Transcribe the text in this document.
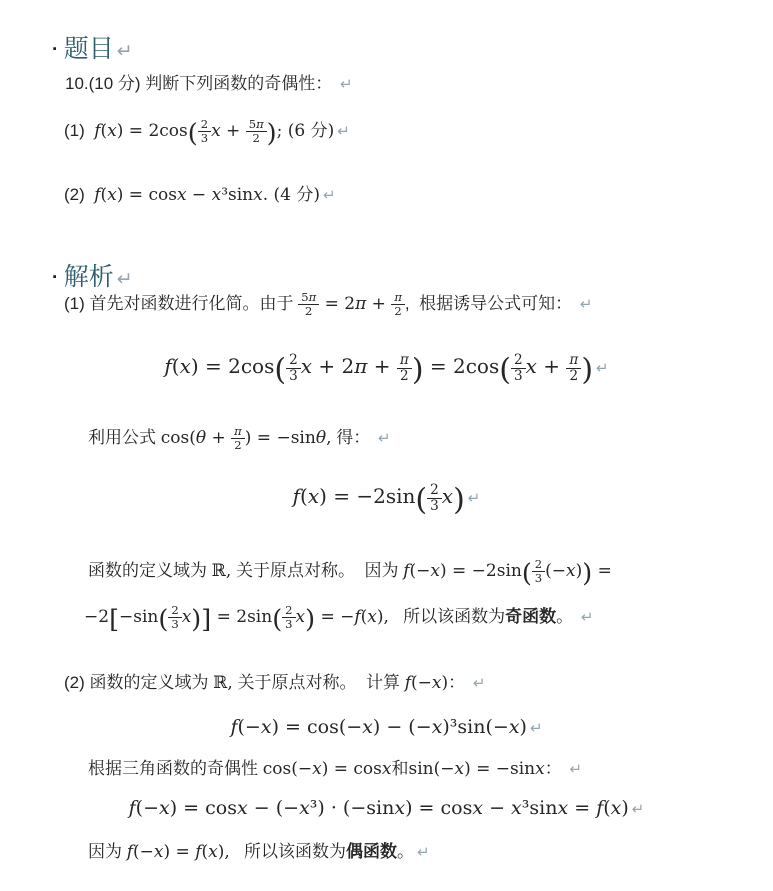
▪ 题目 ↵

10.(10 分) 判断下列函数的奇偶性： ↵
(1)  $f(x) = 2\cos( \frac{2}{3}$ $x + \frac{5\pi}{2}$ ); (6 分) ↵
(2)  f(x) = cosx − x³sinx. (4 分) ↵

▪ 解析 ↵

(1) 首先对函数进行化简。由于 $\frac{5\pi}{2} = 2\pi + \frac{\pi}{2}$ ,  根据诱导公式可知： ↵
$f(x) = 2\cos( \frac{2}{3}$ $x + 2\pi + \frac{\pi}{2}$ ) = $2\cos( \frac{2}{3}$ $x + \frac{\pi}{2}$ ) ↵
利用公式 $\cos(\theta + \frac{\pi}{2}$ ) = −sinθ, 得： ↵
$f(x) = -2\sin( \frac{2}{3} x)$ ↵
函数的定义域为 ℝ, 关于原点对称。  因为 $f(-x) = -2\sin( \frac{2}{3} (-x))$ =
$-2[-\sin( \frac{2}{3} x)] = 2\sin( \frac{2}{3} x) = -f(x)$,   所以该函数为奇函数。 ↵
(2) 函数的定义域为 ℝ, 关于原点对称。  计算 f(−x)： ↵
f(−x) = cos(−x) − (−x)³sin(−x) ↵
根据三角函数的奇偶性 cos(−x) = cosx和sin(−x) = −sinx： ↵
f(−x) = cosx − (−x³) · (−sinx) = cosx − x³sinx = f(x) ↵
因为 f(−x) = f(x),   所以该函数为偶函数。 ↵
